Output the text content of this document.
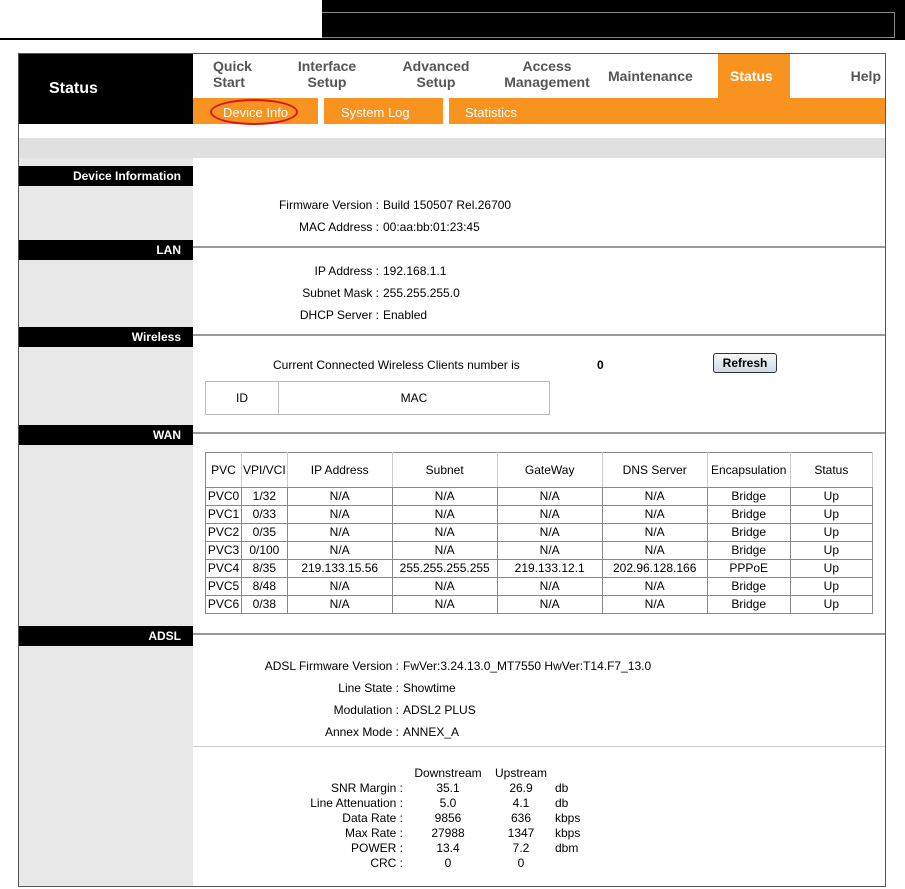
Status
Quick
Start
Interface
Setup
Advanced
Setup
Access
Management	Maintenance	Status	Help
Device Info	System Log	Statistics
Device Information
Firmware Version : Build 150507 Rel.26700
MAC Address : 00:aa:bb:01:23:45
LAN
IP Address : 192.168.1.1
Subnet Mask : 255.255.255.0
DHCP Server : Enabled
Wireless
Current Connected Wireless Clients number is	0	Refresh
ID	MAC
WAN
PVC	VPI/VCI	IP Address	Subnet	GateWay	DNS Server	Encapsulation	Status
PVC0	1/32	N/A	N/A	N/A	N/A	Bridge	Up
PVC1	0/33	N/A	N/A	N/A	N/A	Bridge	Up
PVC2	0/35	N/A	N/A	N/A	N/A	Bridge	Up
PVC3	0/100	N/A	N/A	N/A	N/A	Bridge	Up
PVC4	8/35	219.133.15.56	255.255.255.255	219.133.12.1	202.96.128.166	PPPoE	Up
PVC5	8/48	N/A	N/A	N/A	N/A	Bridge	Up
PVC6	0/38	N/A	N/A	N/A	N/A	Bridge	Up
ADSL
ADSL Firmware Version : FwVer:3.24.13.0_MT7550 HwVer:T14.F7_13.0
Line State : Showtime
Modulation : ADSL2 PLUS
Annex Mode : ANNEX_A
	Downstream	Upstream	
SNR Margin :	35.1	26.9	db
Line Attenuation :	5.0	4.1	db
Data Rate :	9856	636	kbps
Max Rate :	27988	1347	kbps
POWER :	13.4	7.2	dbm
CRC :	0	0	
